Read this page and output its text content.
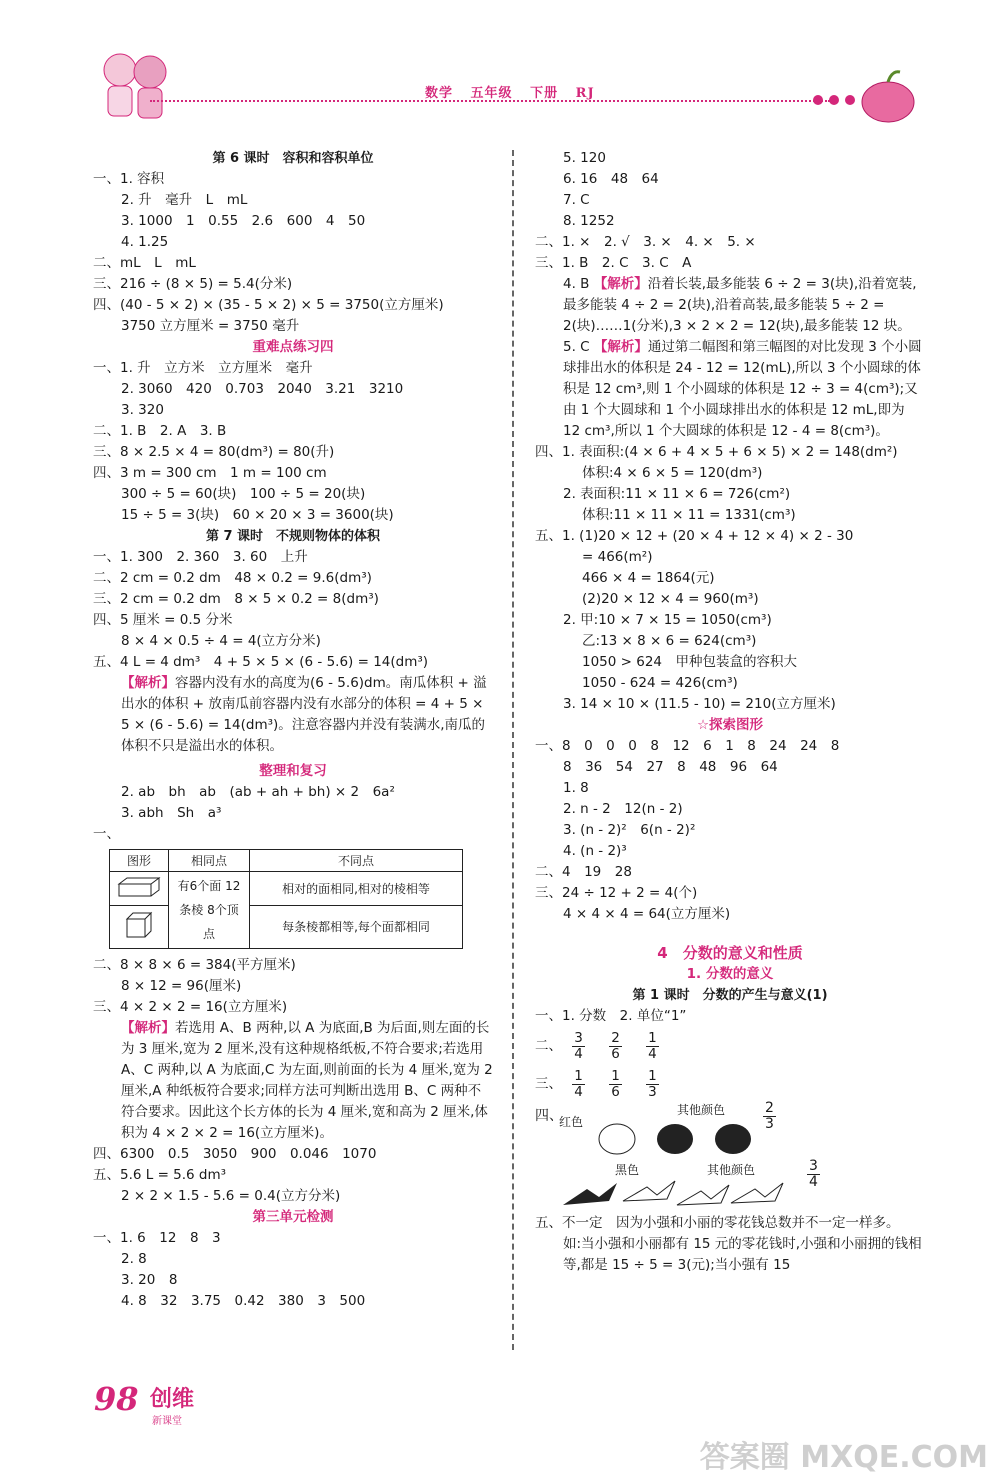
数学 五年级 下册 RJ
第 6 课时　容积和容积单位
一、1. 容积
2. 升　毫升　L　mL
3. 1000　1　0.55　2.6　600　4　50
4. 1.25
二、mL　L　mL
三、216 ÷ (8 × 5) = 5.4(分米)
四、(40 - 5 × 2) × (35 - 5 × 2) × 5 = 3750(立方厘米)
3750 立方厘米 = 3750 毫升
重难点练习四
一、1. 升　立方米　立方厘米　毫升
2. 3060　420　0.703　2040　3.21　3210
3. 320
二、1. B　2. A　3. B
三、8 × 2.5 × 4 = 80(dm³) = 80(升)
四、3 m = 300 cm　1 m = 100 cm
300 ÷ 5 = 60(块)　100 ÷ 5 = 20(块)
15 ÷ 5 = 3(块)　60 × 20 × 3 = 3600(块)
第 7 课时　不规则物体的体积
一、1. 300　2. 360　3. 60　上升
二、2 cm = 0.2 dm　48 × 0.2 = 9.6(dm³)
三、2 cm = 0.2 dm　8 × 5 × 0.2 = 8(dm³)
四、5 厘米 = 0.5 分米
8 × 4 × 0.5 ÷ 4 = 4(立方分米)
五、4 L = 4 dm³　4 + 5 × 5 × (6 - 5.6) = 14(dm³)
【解析】容器内没有水的高度为(6 - 5.6)dm。南瓜体积 + 溢出水的体积 + 放南瓜前容器内没有水部分的体积 = 4 + 5 × 5 × (6 - 5.6) = 14(dm³)。注意容器内并没有装满水,南瓜的体积不只是溢出水的体积。
整理和复习
2. ab　bh　ab　(ab + ah + bh) × 2　6a²
3. abh　Sh　a³
一、
图形	相同点	不同点
	有6个面 12条棱 8个顶点	相对的面相同,相对的棱相等
	每条棱都相等,每个面都相同
二、8 × 8 × 6 = 384(平方厘米)
8 × 12 = 96(厘米)
三、4 × 2 × 2 = 16(立方厘米)
【解析】若选用 A、B 两种,以 A 为底面,B 为后面,则左面的长为 3 厘米,宽为 2 厘米,没有这种规格纸板,不符合要求;若选用 A、C 两种,以 A 为底面,C 为左面,则前面的长为 4 厘米,宽为 2 厘米,A 种纸板符合要求;同样方法可判断出选用 B、C 两种不符合要求。因此这个长方体的长为 4 厘米,宽和高为 2 厘米,体积为 4 × 2 × 2 = 16(立方厘米)。
四、6300　0.5　3050　900　0.046　1070
五、5.6 L = 5.6 dm³
2 × 2 × 1.5 - 5.6 = 0.4(立方分米)
第三单元检测
一、1. 6　12　8　3
2. 8
3. 20　8
4. 8　32　3.75　0.42　380　3　500
5. 120
6. 16　48　64
7. C
8. 1252
二、1. ×　2. √　3. ×　4. ×　5. ×
三、1. B　2. C　3. C　A
4. B 【解析】沿着长装,最多能装 6 ÷ 2 = 3(块),沿着宽装,最多能装 4 ÷ 2 = 2(块),沿着高装,最多能装 5 ÷ 2 = 2(块)……1(分米),3 × 2 × 2 = 12(块),最多能装 12 块。
5. C 【解析】通过第二幅图和第三幅图的对比发现 3 个小圆球排出水的体积是 24 - 12 = 12(mL),所以 3 个小圆球的体积是 12 cm³,则 1 个小圆球的体积是 12 ÷ 3 = 4(cm³);又由 1 个大圆球和 1 个小圆球排出水的体积是 12 mL,即为 12 cm³,所以 1 个大圆球的体积是 12 - 4 = 8(cm³)。
四、1. 表面积:(4 × 6 + 4 × 5 + 6 × 5) × 2 = 148(dm²)
体积:4 × 6 × 5 = 120(dm³)
2. 表面积:11 × 11 × 6 = 726(cm²)
体积:11 × 11 × 11 = 1331(cm³)
五、1. (1)20 × 12 + (20 × 4 + 12 × 4) × 2 - 30
= 466(m²)
466 × 4 = 1864(元)
(2)20 × 12 × 4 = 960(m³)
2. 甲:10 × 7 × 15 = 1050(cm³)
乙:13 × 8 × 6 = 624(cm³)
1050 > 624　甲种包装盒的容积大
1050 - 624 = 426(cm³)
3. 14 × 10 × (11.5 - 10) = 210(立方厘米)
☆探索图形
一、8　0　0　0　8　12　6　1　8　24　24　8
8　36　54　27　8　48　96　64
1. 8
2. n - 2　12(n - 2)
3. (n - 2)²　6(n - 2)²
4. (n - 2)³
二、4　19　28
三、24 ÷ 12 + 2 = 4(个)
4 × 4 × 4 = 64(立方厘米)
4　分数的意义和性质
1. 分数的意义
第 1 课时　分数的产生与意义(1)
一、1. 分数　2. 单位“1”
二、 $\frac{3}{4}$
$\frac{2}{6}$
$\frac{1}{4}$
三、 $\frac{1}{4}$
$\frac{1}{6}$
$\frac{1}{3}$
四、
红色
其他颜色	$\frac{2}{3}$
黑色	其他颜色	$\frac{3}{4}$
五、不一定　因为小强和小丽的零花钱总数并不一定一样多。
如:当小强和小丽都有 15 元的零花钱时,小强和小丽拥的钱相等,都是 15 ÷ 5 = 3(元);当小强有 15
98 创维
新课堂
答案圈 MXQE.COM
